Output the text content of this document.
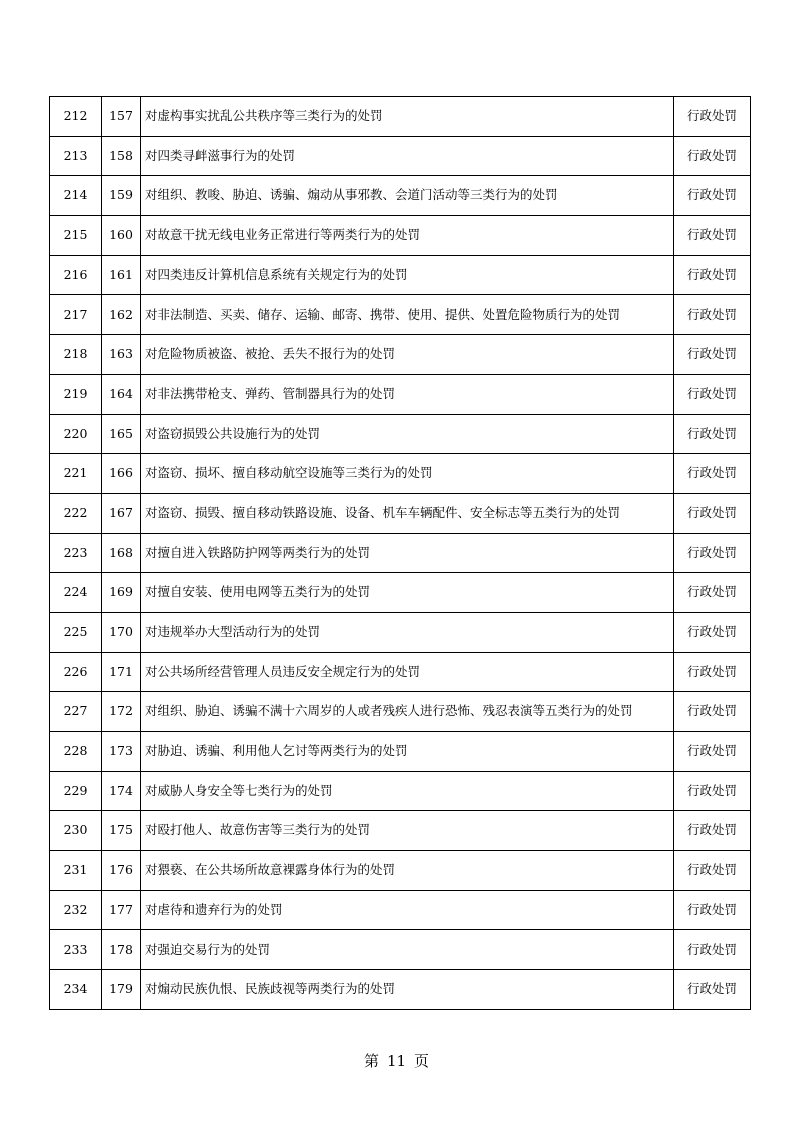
212	157	对虚构事实扰乱公共秩序等三类行为的处罚	行政处罚
213	158	对四类寻衅滋事行为的处罚	行政处罚
214	159	对组织、教唆、胁迫、诱骗、煽动从事邪教、会道门活动等三类行为的处罚	行政处罚
215	160	对故意干扰无线电业务正常进行等两类行为的处罚	行政处罚
216	161	对四类违反计算机信息系统有关规定行为的处罚	行政处罚
217	162	对非法制造、买卖、储存、运输、邮寄、携带、使用、提供、处置危险物质行为的处罚	行政处罚
218	163	对危险物质被盗、被抢、丢失不报行为的处罚	行政处罚
219	164	对非法携带枪支、弹药、管制器具行为的处罚	行政处罚
220	165	对盗窃损毁公共设施行为的处罚	行政处罚
221	166	对盗窃、损坏、擅自移动航空设施等三类行为的处罚	行政处罚
222	167	对盗窃、损毁、擅自移动铁路设施、设备、机车车辆配件、安全标志等五类行为的处罚	行政处罚
223	168	对擅自进入铁路防护网等两类行为的处罚	行政处罚
224	169	对擅自安装、使用电网等五类行为的处罚	行政处罚
225	170	对违规举办大型活动行为的处罚	行政处罚
226	171	对公共场所经营管理人员违反安全规定行为的处罚	行政处罚
227	172	对组织、胁迫、诱骗不满十六周岁的人或者残疾人进行恐怖、残忍表演等五类行为的处罚	行政处罚
228	173	对胁迫、诱骗、利用他人乞讨等两类行为的处罚	行政处罚
229	174	对威胁人身安全等七类行为的处罚	行政处罚
230	175	对殴打他人、故意伤害等三类行为的处罚	行政处罚
231	176	对猥亵、在公共场所故意裸露身体行为的处罚	行政处罚
232	177	对虐待和遗弃行为的处罚	行政处罚
233	178	对强迫交易行为的处罚	行政处罚
234	179	对煽动民族仇恨、民族歧视等两类行为的处罚	行政处罚
第 11 页
